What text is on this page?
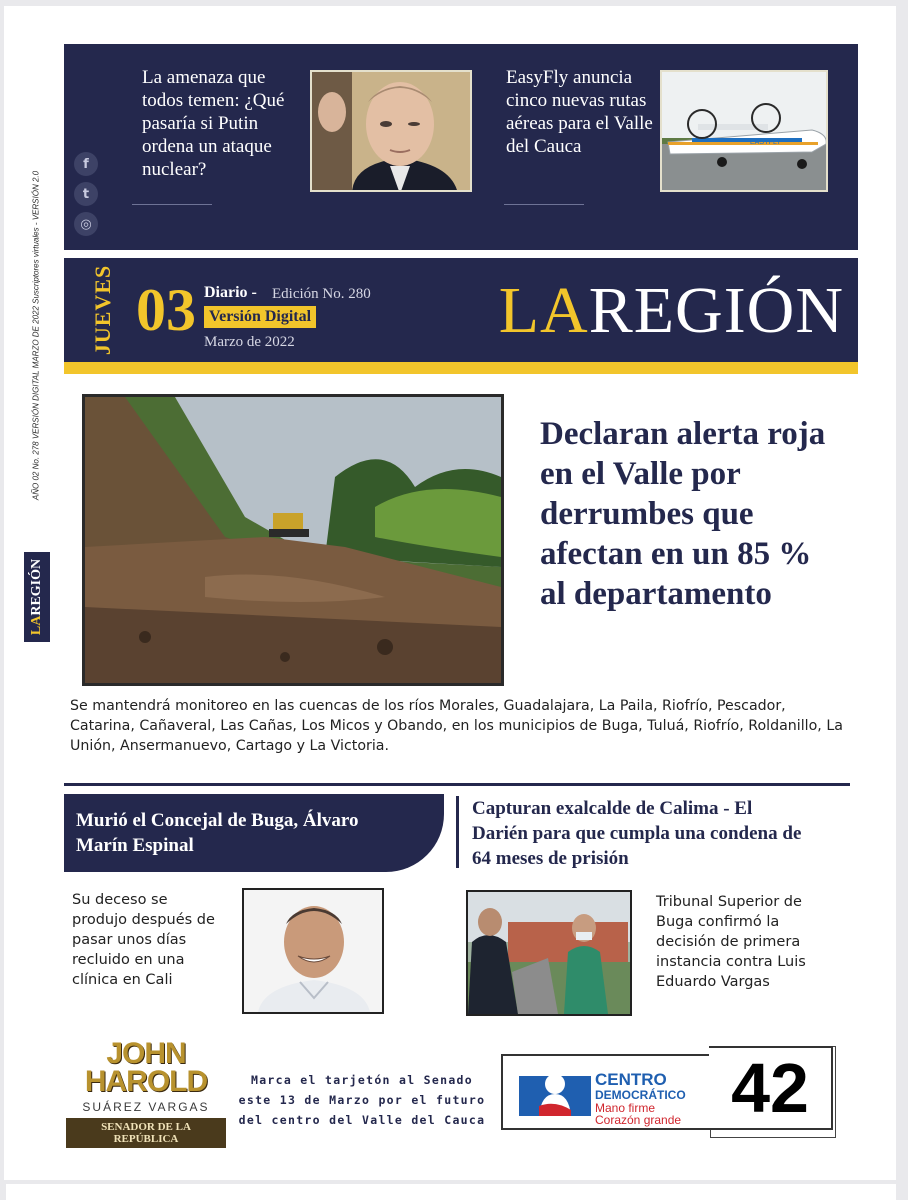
f
t
◎
La amenaza que todos temen: ¿Qué pasaría si Putin ordena un ataque nuclear?
EasyFly anuncia cinco nuevas rutas aéreas para el Valle del Cauca	EASYFLY
JUEVES 03 Diario - Edición No. 280
Versión Digital
Marzo de 2022	LAREGIÓN
AÑO 02 No. 278 VERSIÓN DIGITAL MARZO DE 2022 Suscriptores virtuales - VERSIÓN 2.0
LAREGIÓN
Declaran alerta roja en el Valle por derrumbes que afectan en un 85 % al departamento
Se mantendrá monitoreo en las cuencas de los ríos Morales, Guadalajara, La Paila, Riofrío, Pescador, Catarina, Cañaveral, Las Cañas, Los Micos y Obando, en los municipios de Buga, Tuluá, Riofrío, Roldanillo, La Unión, Ansermanuevo, Cartago y La Victoria.
Murió el Concejal de Buga, Álvaro Marín Espinal
Su deceso se produjo después de pasar unos días recluido en una clínica en Cali
Capturan exalcalde de Calima - El Darién para que cumpla una condena de 64 meses de prisión
Tribunal Superior de Buga confirmó la decisión de primera instancia contra Luis Eduardo Vargas
JOHN
HAROLD
SUÁREZ VARGAS
SENADOR DE LA REPÚBLICA
Marca el tarjetón al Senado este 13 de Marzo por el futuro del centro del Valle del Cauca
CENTRO
DEMOCRÁTICO
Mano firme
Corazón grande 42
